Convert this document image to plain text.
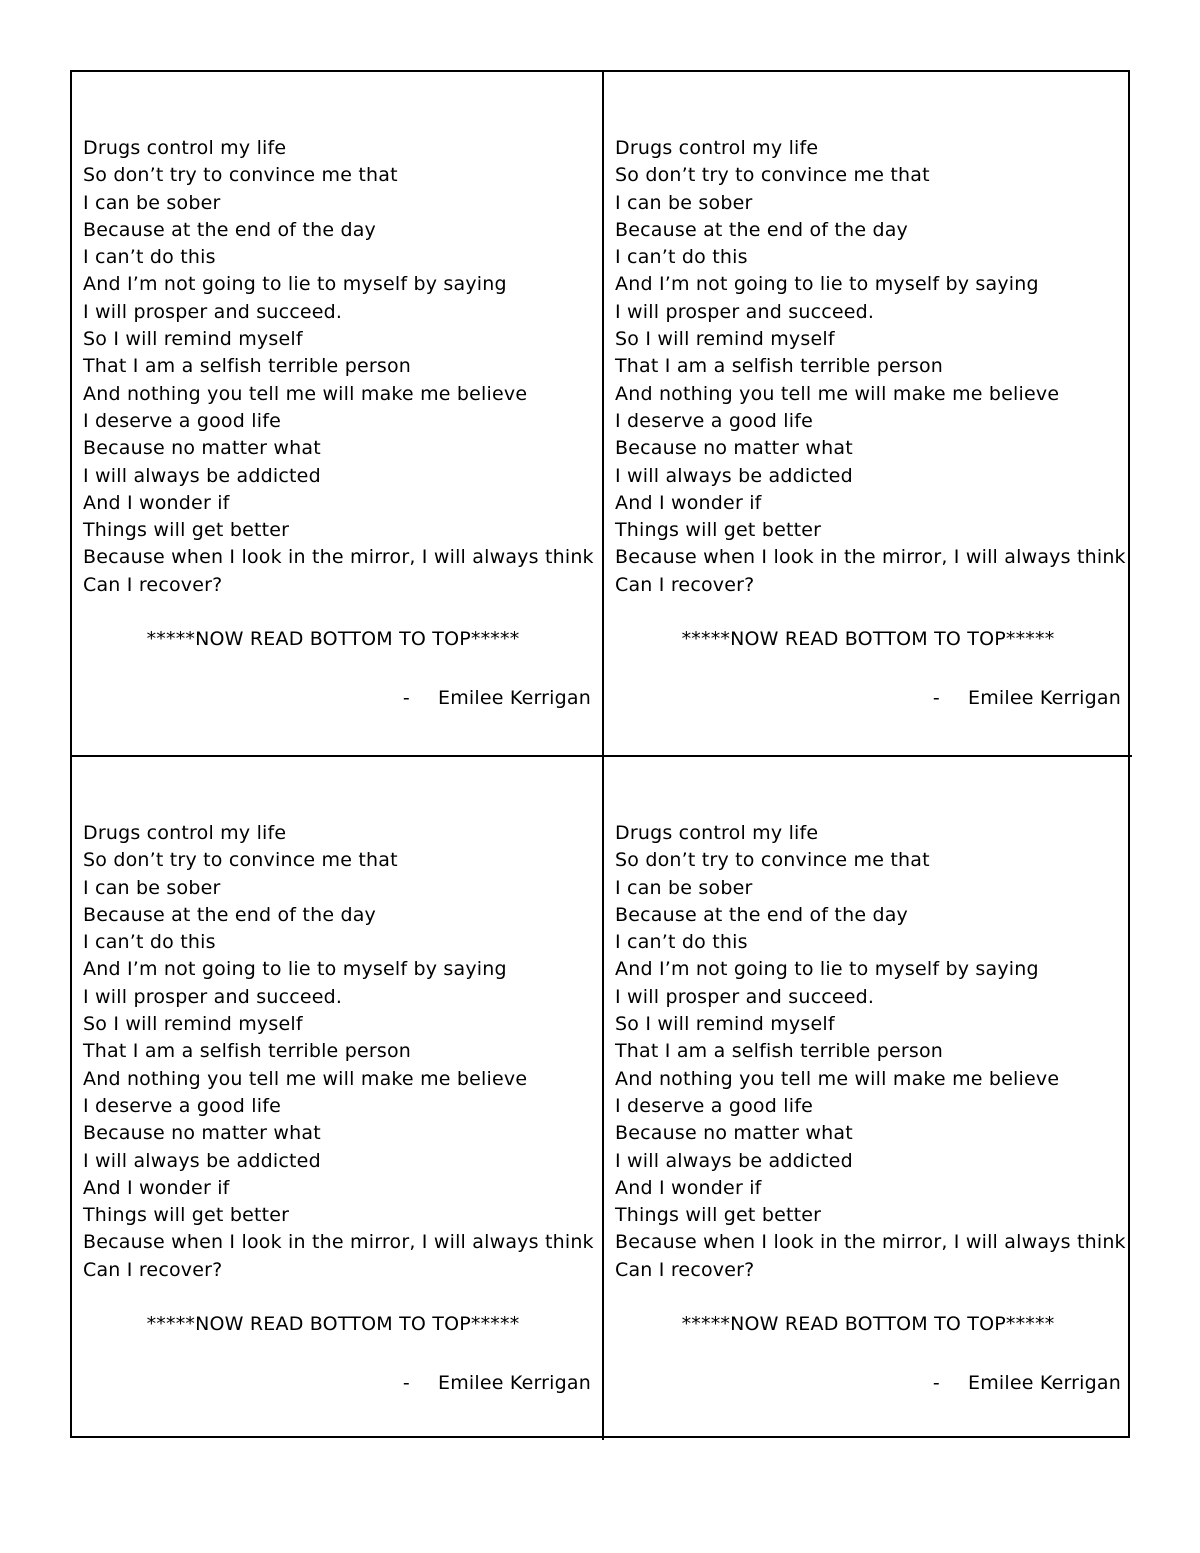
Drugs control my life
So don’t try to convince me that
I can be sober
Because at the end of the day
I can’t do this
And I’m not going to lie to myself by saying
I will prosper and succeed.
So I will remind myself
That I am a selfish terrible person
And nothing you tell me will make me believe
I deserve a good life
Because no matter what
I will always be addicted
And I wonder if
Things will get better
Because when I look in the mirror, I will always think
Can I recover?
*****NOW READ BOTTOM TO TOP*****
- Emilee Kerrigan
Drugs control my life
So don’t try to convince me that
I can be sober
Because at the end of the day
I can’t do this
And I’m not going to lie to myself by saying
I will prosper and succeed.
So I will remind myself
That I am a selfish terrible person
And nothing you tell me will make me believe
I deserve a good life
Because no matter what
I will always be addicted
And I wonder if
Things will get better
Because when I look in the mirror, I will always think
Can I recover?
*****NOW READ BOTTOM TO TOP*****
- Emilee Kerrigan
Drugs control my life
So don’t try to convince me that
I can be sober
Because at the end of the day
I can’t do this
And I’m not going to lie to myself by saying
I will prosper and succeed.
So I will remind myself
That I am a selfish terrible person
And nothing you tell me will make me believe
I deserve a good life
Because no matter what
I will always be addicted
And I wonder if
Things will get better
Because when I look in the mirror, I will always think
Can I recover?
*****NOW READ BOTTOM TO TOP*****
- Emilee Kerrigan
Drugs control my life
So don’t try to convince me that
I can be sober
Because at the end of the day
I can’t do this
And I’m not going to lie to myself by saying
I will prosper and succeed.
So I will remind myself
That I am a selfish terrible person
And nothing you tell me will make me believe
I deserve a good life
Because no matter what
I will always be addicted
And I wonder if
Things will get better
Because when I look in the mirror, I will always think
Can I recover?
*****NOW READ BOTTOM TO TOP*****
- Emilee Kerrigan
